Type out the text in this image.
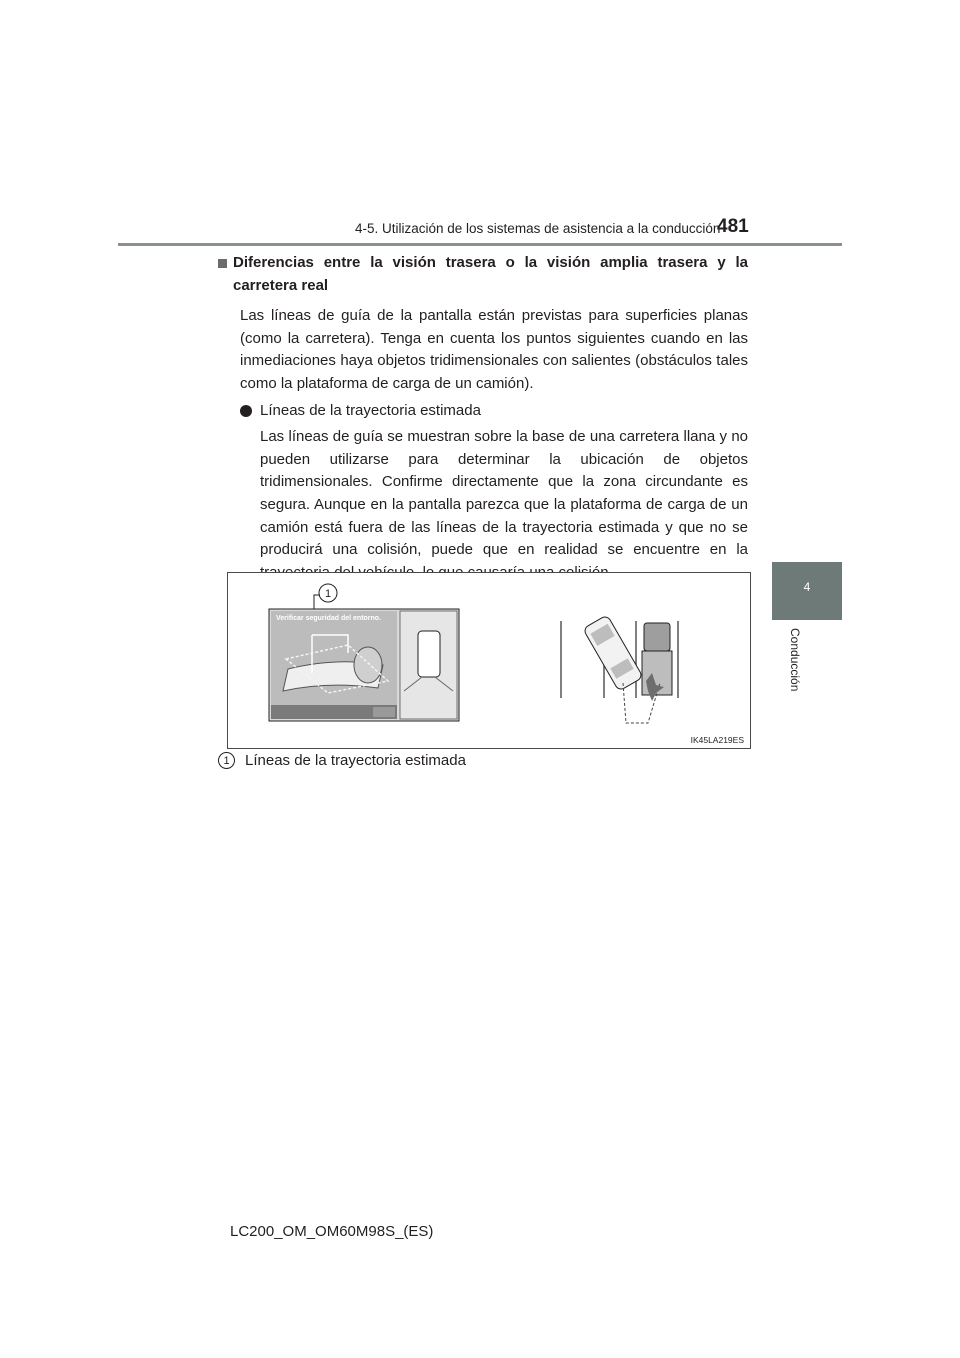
4-5. Utilización de los sistemas de asistencia a la conducción
481
4
Conducción
Diferencias entre la visión trasera o la visión amplia trasera y la carretera real
Las líneas de guía de la pantalla están previstas para superficies planas (como la carretera). Tenga en cuenta los puntos siguientes cuando en las inmediaciones haya objetos tridimensionales con salientes (obstáculos tales como la plataforma de carga de un camión).
Líneas de la trayectoria estimada
Las líneas de guía se muestran sobre la base de una carretera llana y no pueden utilizarse para determinar la ubicación de objetos tridimensionales. Confirme directamente que la zona circundante es segura. Aunque en la pantalla parezca que la plataforma de carga de un camión está fuera de las líneas de la trayectoria estimada y que no se producirá una colisión, puede que en realidad se encuentre en la
1
Verificar seguridad del entorno.
IK45LA219ES
1	Líneas de la trayectoria estimada
LC200_OM_OM60M98S_(ES)
